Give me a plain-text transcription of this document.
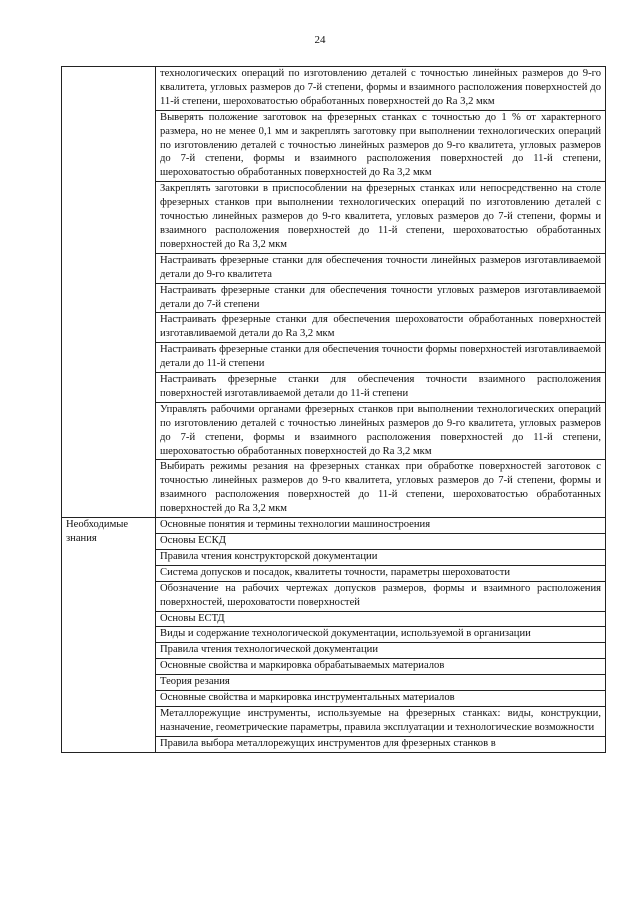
24
	технологических операций по изготовлению деталей с точностью линейных размеров до 9-го квалитета, угловых размеров до 7-й степени, формы и взаимного расположения поверхностей до 11-й степени, шероховатостью обработанных поверхностей до Ra 3,2 мкм
	Выверять положение заготовок на фрезерных станках с точностью до 1 % от характерного размера, но не менее 0,1 мм и закреплять заготовку при выполнении технологических операций по изготовлению деталей с точностью линейных размеров до 9-го квалитета, угловых размеров до 7-й степени, формы и взаимного расположения поверхностей до 11-й степени, шероховатостью обработанных поверхностей до Ra 3,2 мкм
	Закреплять заготовки в приспособлении на фрезерных станках или непосредственно на столе фрезерных станков при выполнении технологических операций по изготовлению деталей с точностью линейных размеров до 9-го квалитета, угловых размеров до 7-й степени, формы и взаимного расположения поверхностей до 11-й степени, шероховатостью обработанных поверхностей до Ra 3,2 мкм
	Настраивать фрезерные станки для обеспечения точности линейных размеров изготавливаемой детали до 9-го квалитета
	Настраивать фрезерные станки для обеспечения точности угловых размеров изготавливаемой детали до 7-й степени
	Настраивать фрезерные станки для обеспечения шероховатости обработанных поверхностей изготавливаемой детали до Ra 3,2 мкм
	Настраивать фрезерные станки для обеспечения точности формы поверхностей изготавливаемой детали до 11-й степени
	Настраивать фрезерные станки для обеспечения точности взаимного расположения поверхностей изготавливаемой детали до 11-й степени
	Управлять рабочими органами фрезерных станков при выполнении технологических операций по изготовлению деталей с точностью линейных размеров до 9-го квалитета, угловых размеров до 7-й степени, формы и взаимного расположения поверхностей до 11-й степени, шероховатостью обработанных поверхностей до Ra 3,2 мкм
	Выбирать режимы резания на фрезерных станках при обработке поверхностей заготовок с точностью линейных размеров до 9-го квалитета, угловых размеров до 7-й степени, формы и взаимного расположения поверхностей до 11-й степени, шероховатостью обработанных поверхностей до Ra 3,2 мкм
Необходимые знания	Основные понятия и термины технологии машиностроения
	Основы ЕСКД
	Правила чтения конструкторской документации
	Система допусков и посадок, квалитеты точности, параметры шероховатости
	Обозначение на рабочих чертежах допусков размеров, формы и взаимного расположения поверхностей, шероховатости поверхностей
	Основы ЕСТД
	Виды и содержание технологической документации, используемой в организации
	Правила чтения технологической документации
	Основные свойства и маркировка обрабатываемых материалов
	Теория резания
	Основные свойства и маркировка инструментальных материалов
	Металлорежущие инструменты, используемые на фрезерных станках: виды, конструкции, назначение, геометрические параметры, правила эксплуатации и технологические возможности
	Правила выбора металлорежущих инструментов для фрезерных станков в
